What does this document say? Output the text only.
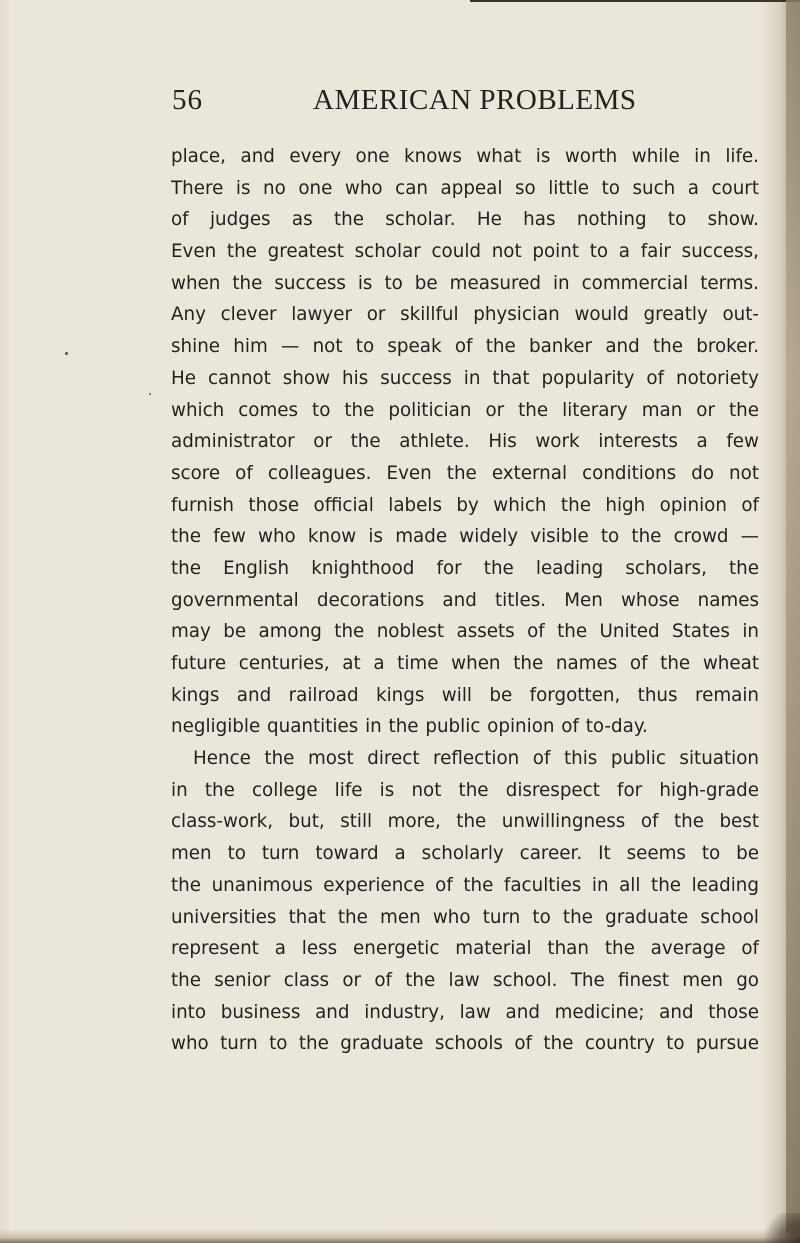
56	AMERICAN PROBLEMS
place, and every one knows what is worth while in life.
There is no one who can appeal so little to such a court
of judges as the scholar. He has nothing to show.
Even the greatest scholar could not point to a fair success,
when the success is to be measured in commercial terms.
Any clever lawyer or skillful physician would greatly out-
shine him — not to speak of the banker and the broker.
He cannot show his success in that popularity of notoriety
which comes to the politician or the literary man or the
administrator or the athlete. His work interests a few
score of colleagues. Even the external conditions do not
furnish those official labels by which the high opinion of
the few who know is made widely visible to the crowd —
the English knighthood for the leading scholars, the
governmental decorations and titles. Men whose names
may be among the noblest assets of the United States in
future centuries, at a time when the names of the wheat
kings and railroad kings will be forgotten, thus remain
negligible quantities in the public opinion of to-day.
Hence the most direct reflection of this public situation
in the college life is not the disrespect for high-grade
class-work, but, still more, the unwillingness of the best
men to turn toward a scholarly career. It seems to be
the unanimous experience of the faculties in all the leading
universities that the men who turn to the graduate school
represent a less energetic material than the average of
the senior class or of the law school. The finest men go
into business and industry, law and medicine; and those
who turn to the graduate schools of the country to pursue
